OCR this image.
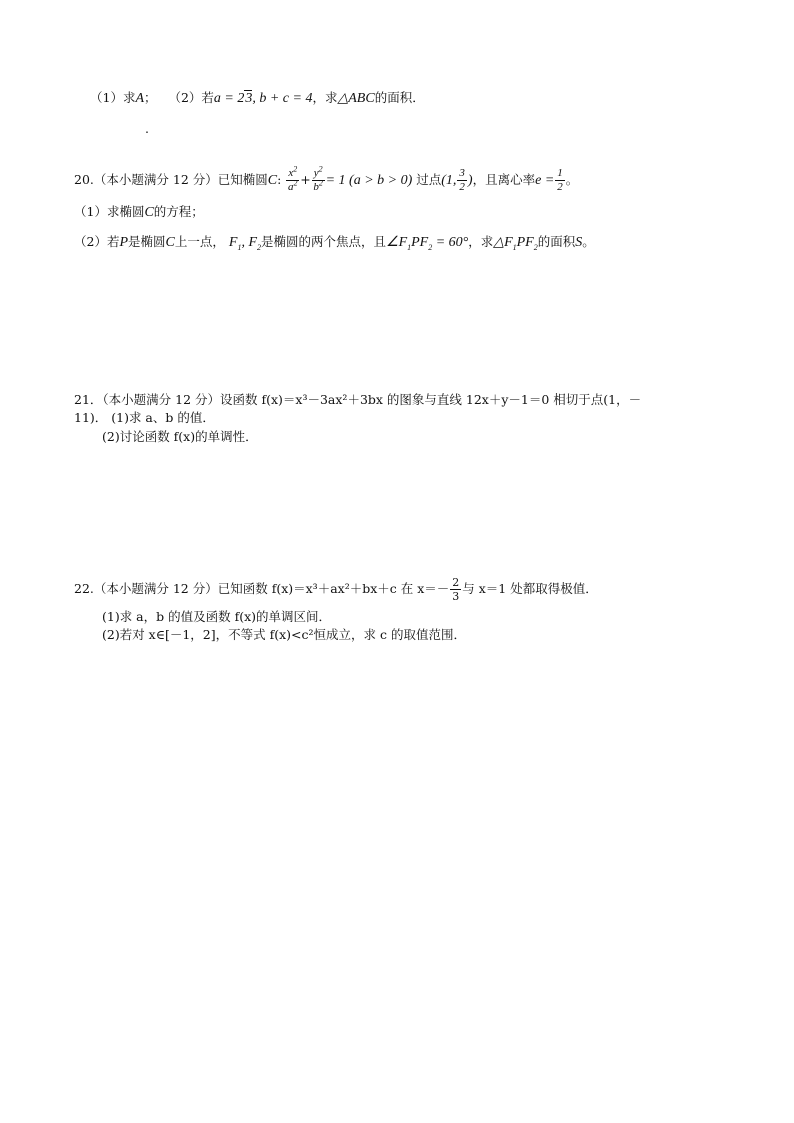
（1）求A； （2）若a = 23, b + c = 4，求△ABC的面积．
.
20.（本小题满分 12 分）已知椭圆C: $\frac{x^2}{a^2} + \frac{y^2}{b^2} = 1$ (a > b > 0) 过点(1, $\frac{3}{2}$ )，且离心率$e = \frac{1}{2}$ 。
（1）求椭圆C的方程；
（2）若P是椭圆C上一点， $F_1$, $F_2$是椭圆的两个焦点，且$\angle F_1PF_2 = 60^\circ$，求$\triangle F_1PF_2$的面积S。
21．（本小题满分 12 分）设函数 f(x)＝x³－3ax²＋3bx 的图象与直线 12x＋y－1＝0 相切于点(1，－
11)． (1)求 a、b 的值．
(2)讨论函数 f(x)的单调性．
22.（本小题满分 12 分）已知函数 f(x)＝x³＋ax²＋bx＋c 在 $x=- \frac{2}{3}$ 与 x＝1 处都取得极值．
(1)求 a，b 的值及函数 f(x)的单调区间．
(2)若对 x∈[－1，2]，不等式 f(x)<c²恒成立，求 c 的取值范围．
